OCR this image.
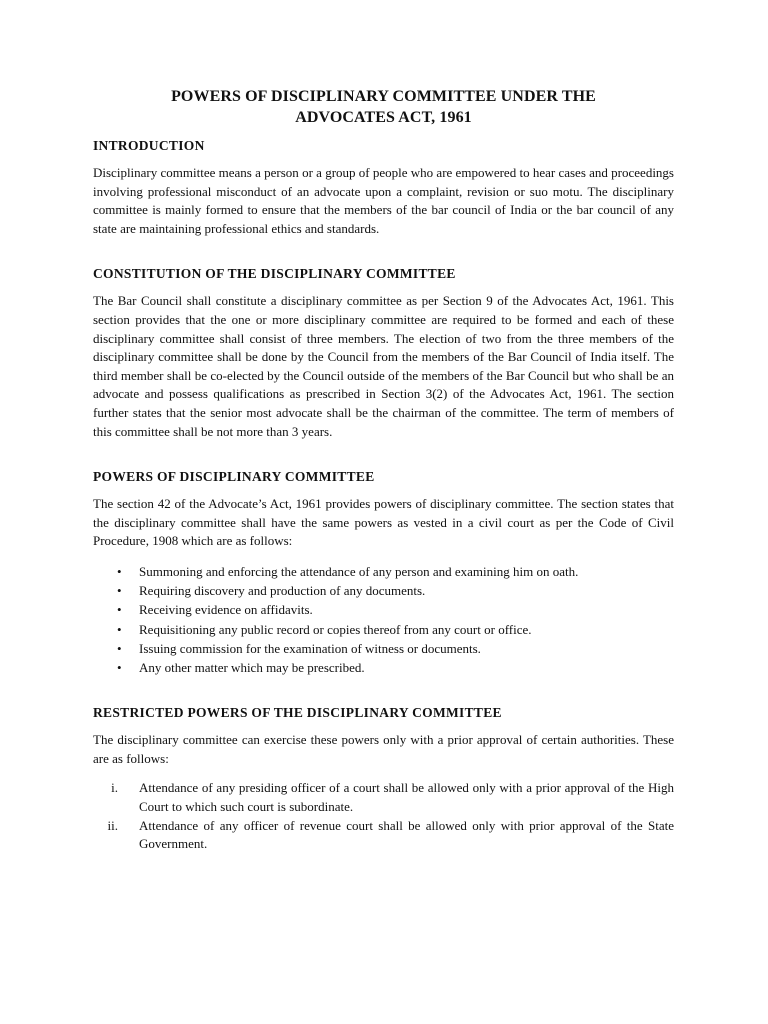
POWERS OF DISCIPLINARY COMMITTEE UNDER THE
ADVOCATES ACT, 1961
INTRODUCTION

Disciplinary committee means a person or a group of people who are empowered to hear cases and proceedings involving professional misconduct of an advocate upon a complaint, revision or suo motu. The disciplinary committee is mainly formed to ensure that the members of the bar council of India or the bar council of any state are maintaining professional ethics and standards.

CONSTITUTION OF THE DISCIPLINARY COMMITTEE

The Bar Council shall constitute a disciplinary committee as per Section 9 of the Advocates Act, 1961. This section provides that the one or more disciplinary committee are required to be formed and each of these disciplinary committee shall consist of three members. The election of two from the three members of the disciplinary committee shall be done by the Council from the members of the Bar Council of India itself. The third member shall be co-elected by the Council outside of the members of the Bar Council but who shall be an advocate and possess qualifications as prescribed in Section 3(2) of the Advocates Act, 1961. The section further states that the senior most advocate shall be the chairman of the committee. The term of members of this committee shall be not more than 3 years.

POWERS OF DISCIPLINARY COMMITTEE

The section 42 of the Advocate’s Act, 1961 provides powers of disciplinary committee. The section states that the disciplinary committee shall have the same powers as vested in a civil court as per the Code of Civil Procedure, 1908 which are as follows:

• Summoning and enforcing the attendance of any person and examining him on oath.
• Requiring discovery and production of any documents.
• Receiving evidence on affidavits.
• Requisitioning any public record or copies thereof from any court or office.
• Issuing commission for the examination of witness or documents.
• Any other matter which may be prescribed.
RESTRICTED POWERS OF THE DISCIPLINARY COMMITTEE

The disciplinary committee can exercise these powers only with a prior approval of certain authorities. These are as follows:

i. Attendance of any presiding officer of a court shall be allowed only with a prior approval of the High Court to which such court is subordinate.
ii. Attendance of any officer of revenue court shall be allowed only with prior approval of the State Government.
